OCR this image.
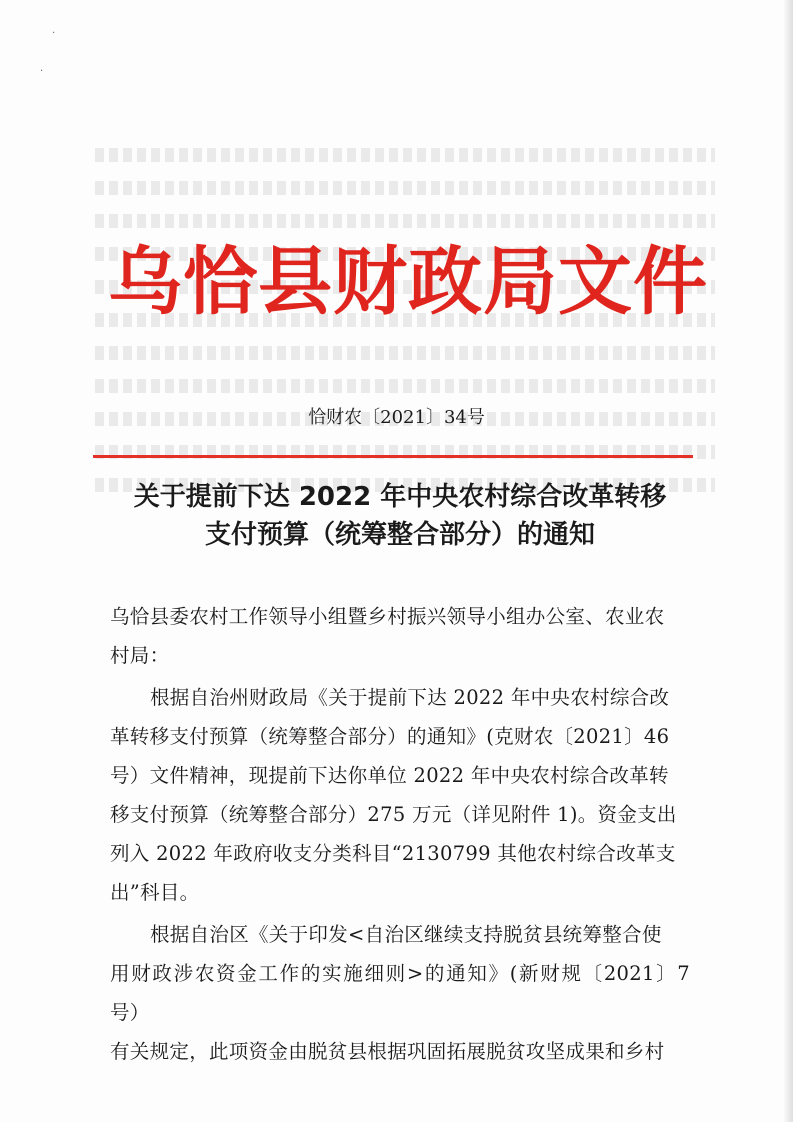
·
·
乌恰县财政局文件
恰财农〔2021〕34号
关于提前下达 2022 年中央农村综合改革转移
支付预算（统筹整合部分）的通知

乌恰县委农村工作领导小组暨乡村振兴领导小组办公室、农业农
村局：

根据自治州财政局《关于提前下达 2022 年中央农村综合改
革转移支付预算（统筹整合部分）的通知》(克财农〔2021〕46
号）文件精神，现提前下达你单位 2022 年中央农村综合改革转
移支付预算（统筹整合部分）275 万元（详见附件 1)。资金支出
列入 2022 年政府收支分类科目“2130799 其他农村综合改革支
出”科目。

根据自治区《关于印发<自治区继续支持脱贫县统筹整合使
用财政涉农资金工作的实施细则>的通知》(新财规〔2021〕7 号）
有关规定，此项资金由脱贫县根据巩固拓展脱贫攻坚成果和乡村
